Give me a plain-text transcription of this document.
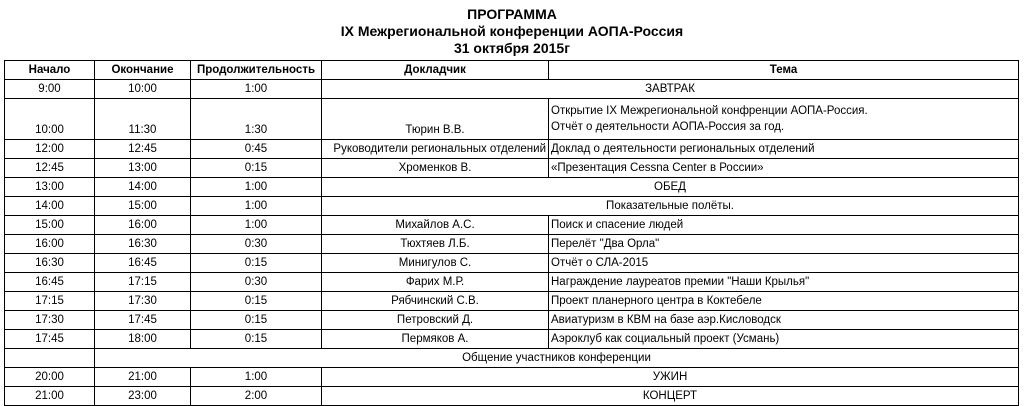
ПРОГРАММА
IX Межрегиональной конференции АОПА-Россия
31 октября 2015г
Начало	Окончание	Продолжительность	Докладчик	Тема
9:00	10:00	1:00	ЗАВТРАК	
10:00	11:30	1:30	Тюрин В.В.	Открытие IX Межрегиональной конфренции АОПА-Россия.
Отчёт о деятельности АОПА-Россия за год.

12:00	12:45	0:45	Руководители региональных отделений	Доклад о деятельности региональных отделений
12:45	13:00	0:15	Хроменков В.	«Презентация Cessna Center в России»
13:00	14:00	1:00	ОБЕД	
14:00	15:00	1:00	Показательные полёты.	
15:00	16:00	1:00	Михайлов А.С.	Поиск и спасение людей
16:00	16:30	0:30	Тюхтяев Л.Б.	Перелёт "Два Орла"
16:30	16:45	0:15	Минигулов С.	Отчёт о СЛА-2015
16:45	17:15	0:30	Фарих М.Р.	Награждение лауреатов премии "Наши Крылья"
17:15	17:30	0:15	Рябчинский С.В.	Проект планерного центра в Коктебеле
17:30	17:45	0:15	Петровский Д.	Авиатуризм в КВМ на базе аэр.Кисловодск
17:45	18:00	0:15	Пермяков А.	Аэроклуб как социальный проект (Усмань)
	Общение участников конференции			
20:00	21:00	1:00	УЖИН	
21:00	23:00	2:00	КОНЦЕРТ	
